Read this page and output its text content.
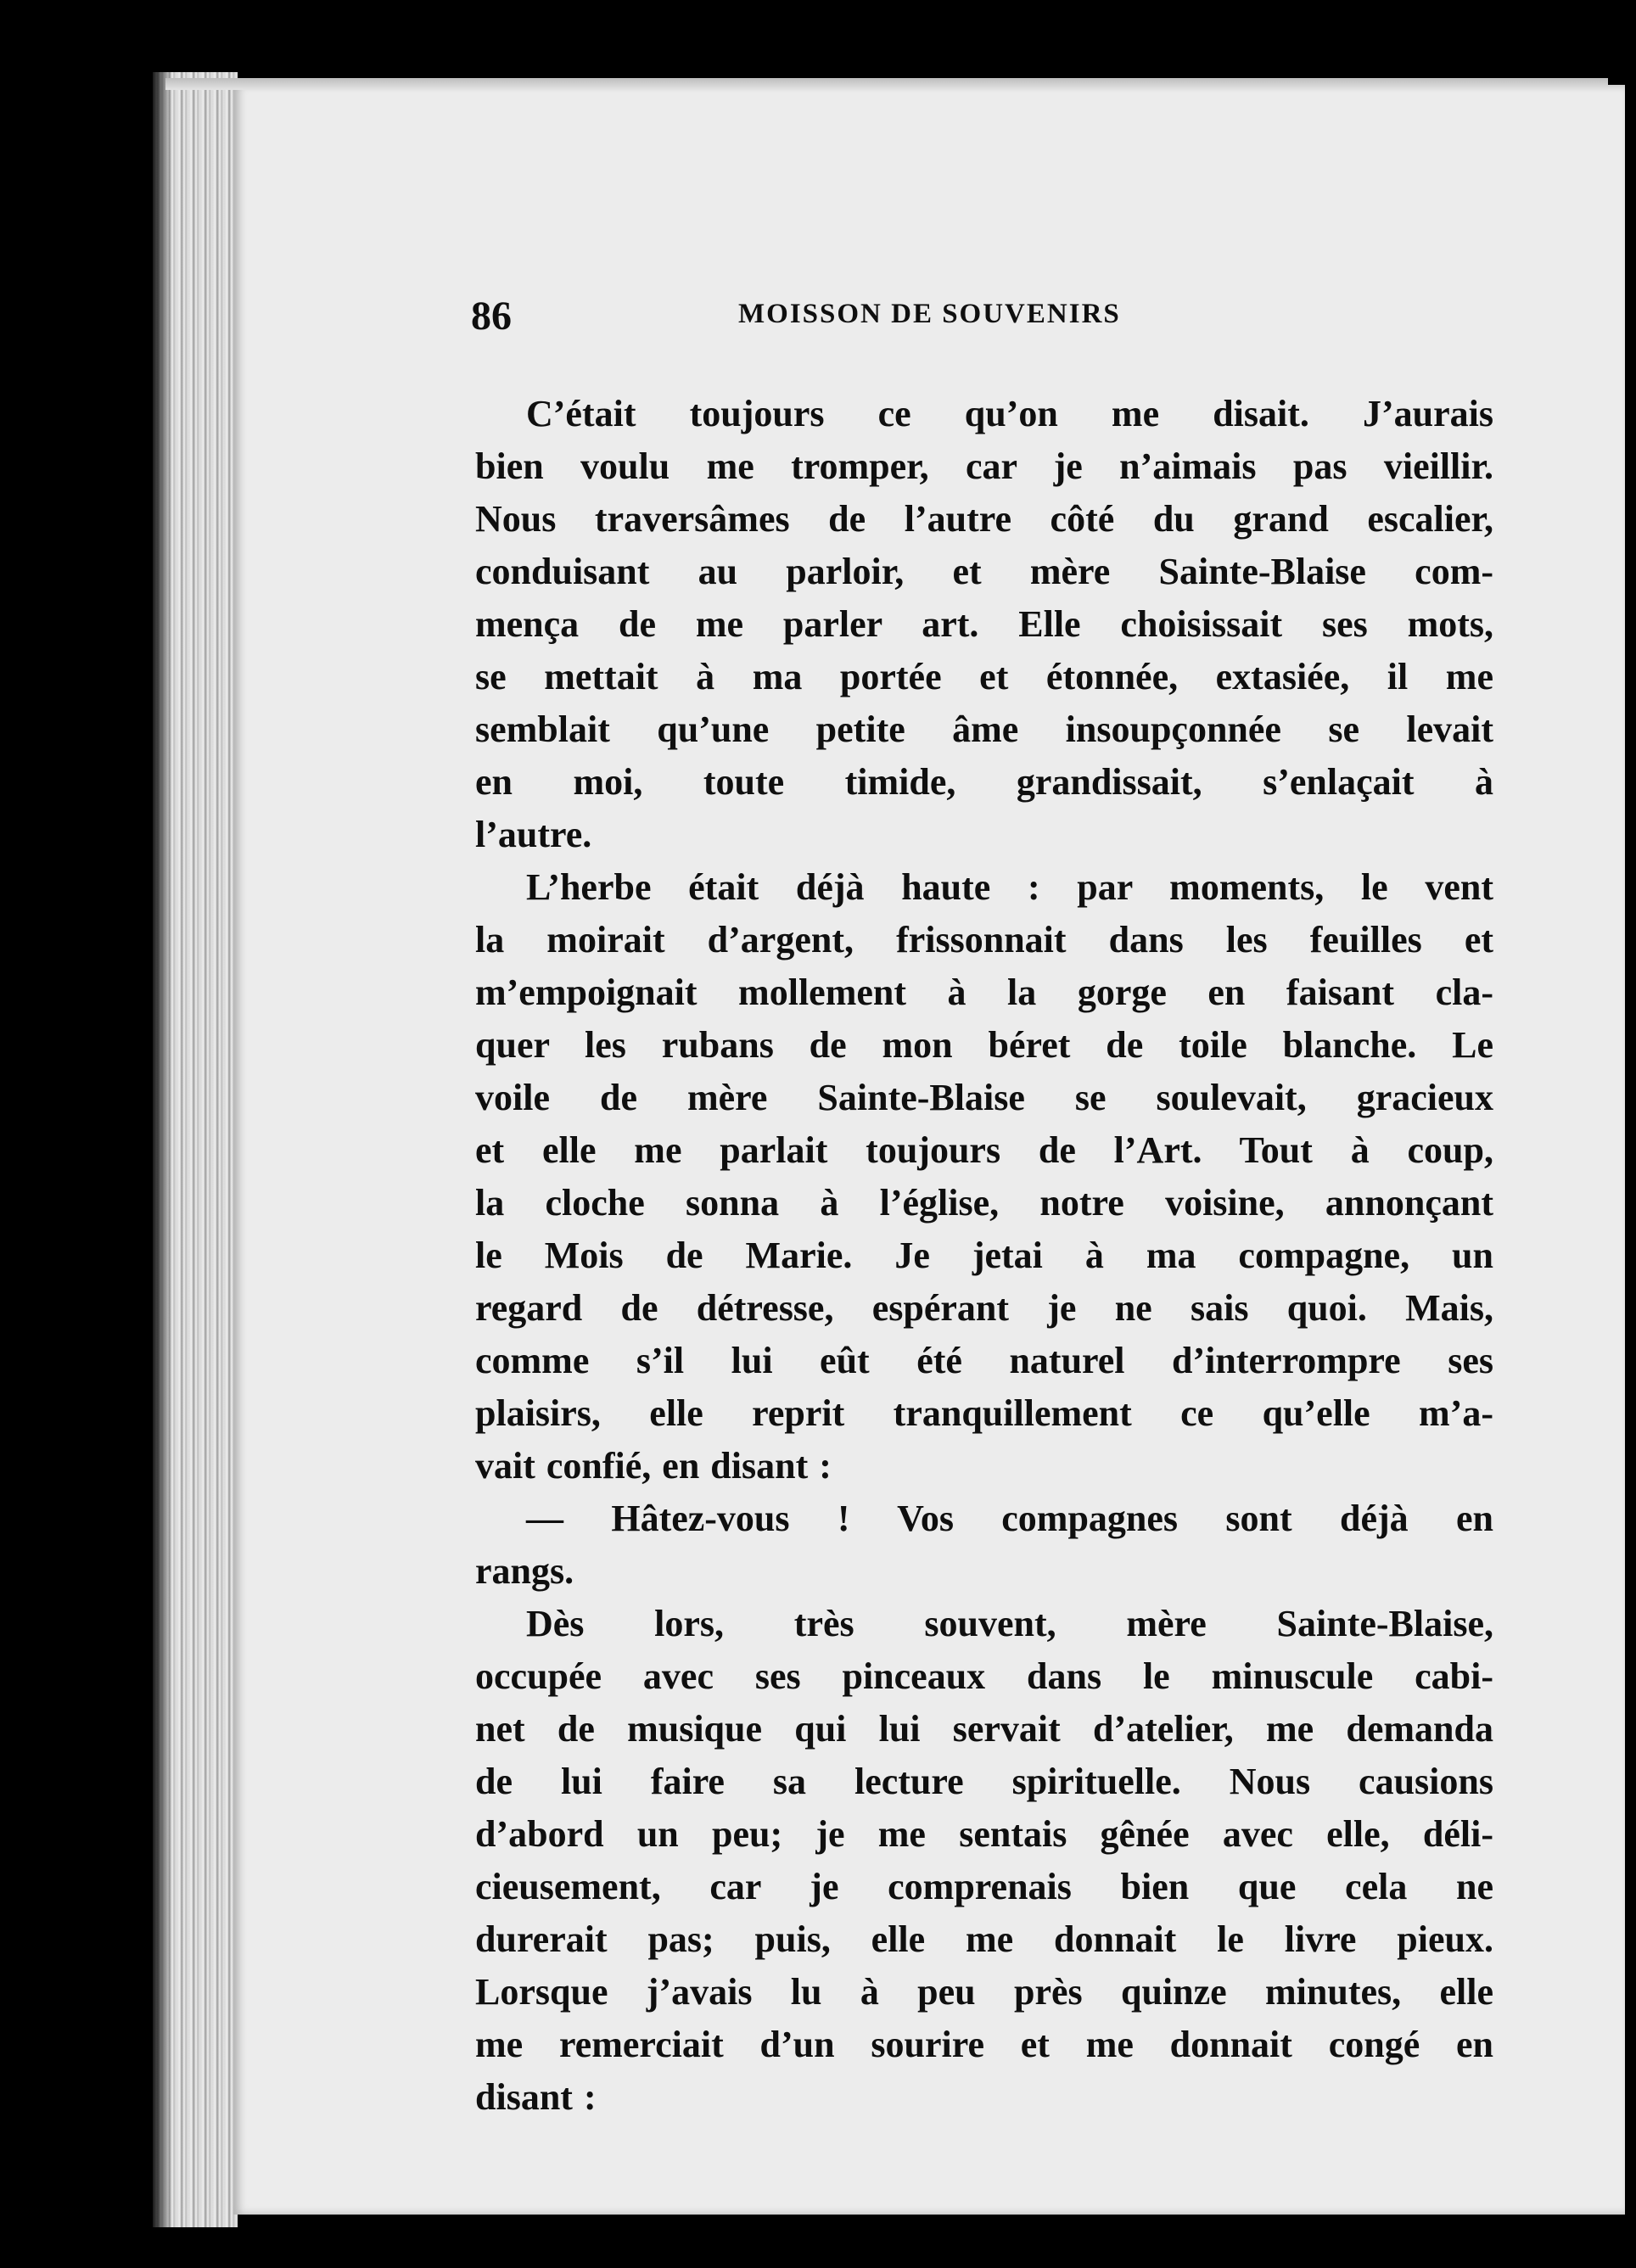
86	MOISSON DE SOUVENIRS
C’était toujours ce qu’on me disait. J’aurais
bien voulu me tromper, car je n’aimais pas vieillir.
Nous traversâmes de l’autre côté du grand escalier,
conduisant au parloir, et mère Sainte-Blaise com-
mença de me parler art. Elle choisissait ses mots,
se mettait à ma portée et étonnée, extasiée, il me
semblait qu’une petite âme insoupçonnée se levait
en moi, toute timide, grandissait, s’enlaçait à
l’autre.
L’herbe était déjà haute : par moments, le vent
la moirait d’argent, frissonnait dans les feuilles et
m’empoignait mollement à la gorge en faisant cla-
quer les rubans de mon béret de toile blanche. Le
voile de mère Sainte-Blaise se soulevait, gracieux
et elle me parlait toujours de l’Art. Tout à coup,
la cloche sonna à l’église, notre voisine, annonçant
le Mois de Marie. Je jetai à ma compagne, un
regard de détresse, espérant je ne sais quoi. Mais,
comme s’il lui eût été naturel d’interrompre ses
plaisirs, elle reprit tranquillement ce qu’elle m’a-
vait confié, en disant :
— Hâtez-vous ! Vos compagnes sont déjà en
rangs.
Dès lors, très souvent, mère Sainte-Blaise,
occupée avec ses pinceaux dans le minuscule cabi-
net de musique qui lui servait d’atelier, me demanda
de lui faire sa lecture spirituelle. Nous causions
d’abord un peu; je me sentais gênée avec elle, déli-
cieusement, car je comprenais bien que cela ne
durerait pas; puis, elle me donnait le livre pieux.
Lorsque j’avais lu à peu près quinze minutes, elle
me remerciait d’un sourire et me donnait congé en
disant :
